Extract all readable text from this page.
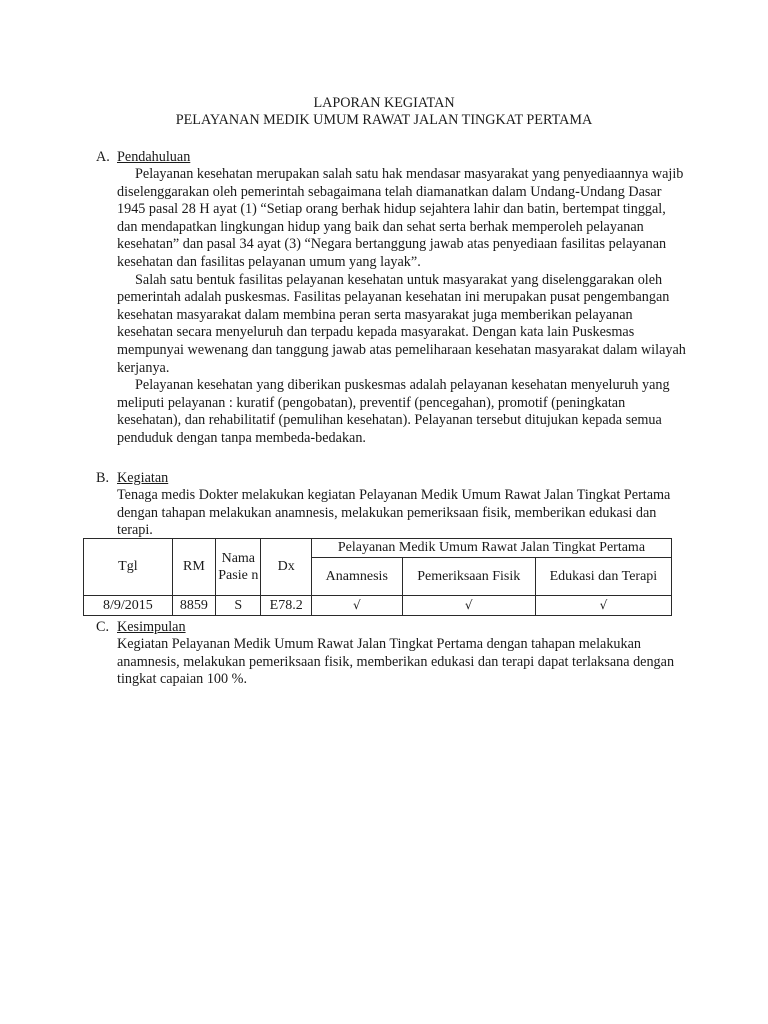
LAPORAN KEGIATAN
PELAYANAN MEDIK UMUM RAWAT JALAN TINGKAT PERTAMA
A. Pendahuluan

Pelayanan kesehatan merupakan salah satu hak mendasar masyarakat yang penyediaannya wajib diselenggarakan oleh pemerintah sebagaimana telah diamanatkan dalam Undang-Undang Dasar 1945 pasal 28 H ayat (1) “Setiap orang berhak hidup sejahtera lahir dan batin, bertempat tinggal, dan mendapatkan lingkungan hidup yang baik dan sehat serta berhak memperoleh pelayanan kesehatan” dan pasal 34 ayat (3) “Negara bertanggung jawab atas penyediaan fasilitas pelayanan kesehatan dan fasilitas pelayanan umum yang layak”.

Salah satu bentuk fasilitas pelayanan kesehatan untuk masyarakat yang diselenggarakan oleh pemerintah adalah puskesmas. Fasilitas pelayanan kesehatan ini merupakan pusat pengembangan kesehatan masyarakat dalam membina peran serta masyarakat juga memberikan pelayanan kesehatan secara menyeluruh dan terpadu kepada masyarakat. Dengan kata lain Puskesmas mempunyai wewenang dan tanggung jawab atas pemeliharaan kesehatan masyarakat dalam wilayah kerjanya.

Pelayanan kesehatan yang diberikan puskesmas adalah pelayanan kesehatan menyeluruh yang meliputi pelayanan : kuratif (pengobatan), preventif (pencegahan), promotif (peningkatan kesehatan), dan rehabilitatif (pemulihan kesehatan). Pelayanan tersebut ditujukan kepada semua penduduk dengan tanpa membeda-bedakan.

B. Kegiatan

Tenaga medis Dokter melakukan kegiatan Pelayanan Medik Umum Rawat Jalan Tingkat Pertama dengan tahapan melakukan anamnesis, melakukan pemeriksaan fisik, memberikan edukasi dan terapi.

Tgl	RM	Nama Pasie n	Dx	Pelayanan Medik Umum Rawat Jalan Tingkat Pertama		
				Anamnesis	Pemeriksaan Fisik	Edukasi dan Terapi
8/9/2015	8859	S	E78.2	√	√	√
C. Kesimpulan

Kegiatan Pelayanan Medik Umum Rawat Jalan Tingkat Pertama dengan tahapan melakukan anamnesis, melakukan pemeriksaan fisik, memberikan edukasi dan terapi dapat terlaksana dengan tingkat capaian 100 %.
